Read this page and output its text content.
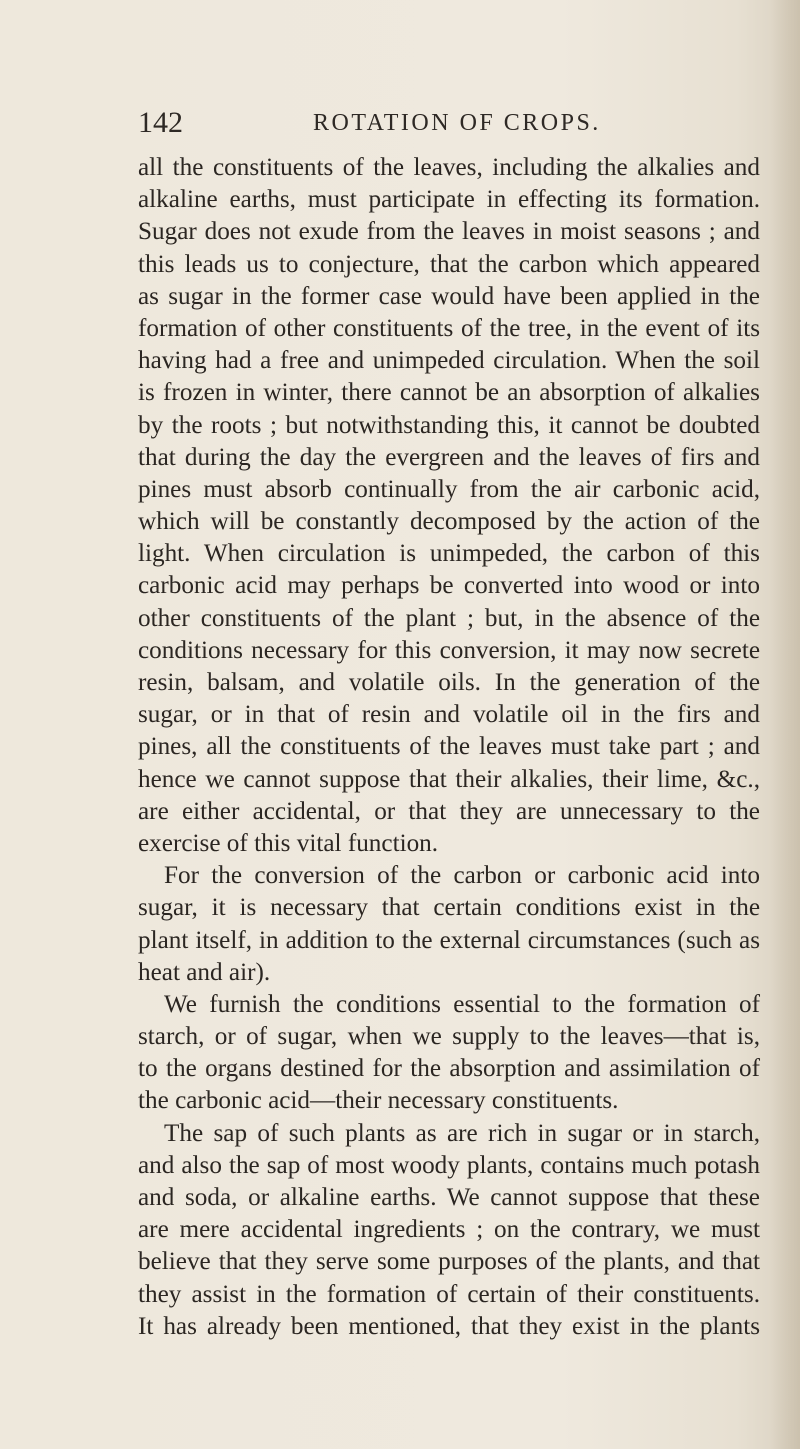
142	ROTATION OF CROPS.
all the constituents of the leaves, including the alkalies and
alkaline earths, must participate in effecting its formation.
Sugar does not exude from the leaves in moist seasons ; and
this leads us to conjecture, that the carbon which appeared
as sugar in the former case would have been applied in the
formation of other constituents of the tree, in the event of its
having had a free and unimpeded circulation. When the soil
is frozen in winter, there cannot be an absorption of alkalies
by the roots ; but notwithstanding this, it cannot be doubted
that during the day the evergreen and the leaves of firs and
pines must absorb continually from the air carbonic acid,
which will be constantly decomposed by the action of the
light. When circulation is unimpeded, the carbon of this
carbonic acid may perhaps be converted into wood or into
other constituents of the plant ; but, in the absence of the
conditions necessary for this conversion, it may now secrete
resin, balsam, and volatile oils. In the generation of the
sugar, or in that of resin and volatile oil in the firs and
pines, all the constituents of the leaves must take part ; and
hence we cannot suppose that their alkalies, their lime, &c.,
are either accidental, or that they are unnecessary to the
exercise of this vital function.
For the conversion of the carbon or carbonic acid into
sugar, it is necessary that certain conditions exist in the
plant itself, in addition to the external circumstances (such as
heat and air).
We furnish the conditions essential to the formation of
starch, or of sugar, when we supply to the leaves—that is,
to the organs destined for the absorption and assimilation of
the carbonic acid—their necessary constituents.
The sap of such plants as are rich in sugar or in starch,
and also the sap of most woody plants, contains much potash
and soda, or alkaline earths. We cannot suppose that these
are mere accidental ingredients ; on the contrary, we must
believe that they serve some purposes of the plants, and that
they assist in the formation of certain of their constituents.
It has already been mentioned, that they exist in the plants
